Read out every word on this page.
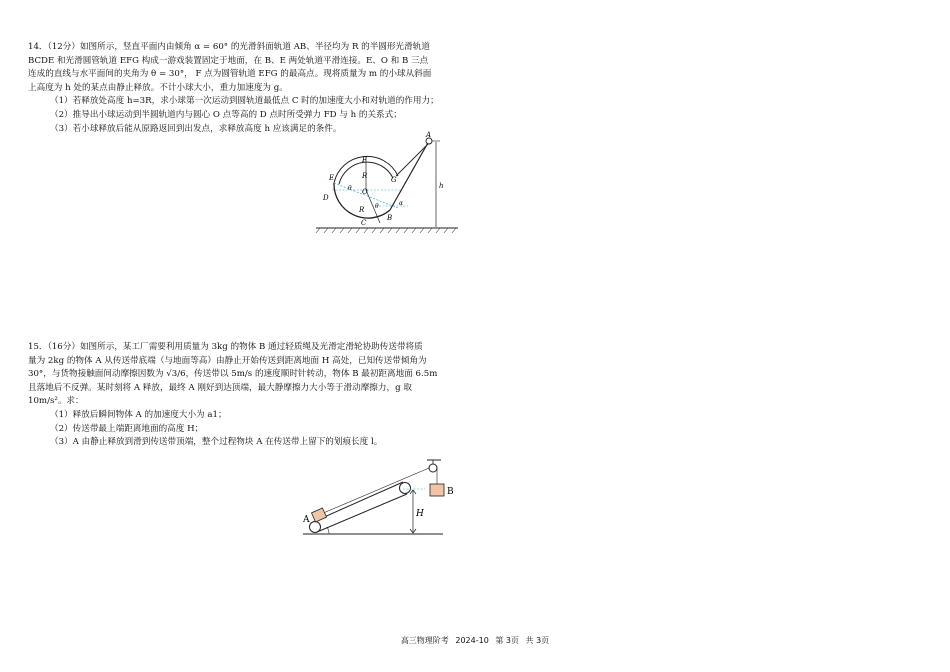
14．（12分）如图所示，竖直平面内由倾角 α = 60° 的光滑斜面轨道 AB、半径均为 R 的半圆形光滑轨道

BCDE 和光滑圆管轨道 EFG 构成一游戏装置固定于地面，在 B、E 两处轨道平滑连接。E、O 和 B 三点

连成的直线与水平面间的夹角为 θ = 30°， F 点为圆管轨道 EFG 的最高点。现将质量为 m 的小球从斜面

上高度为 h 处的某点由静止释放。不计小球大小，重力加速度为 g。

（1）若释放处高度 h=3R，求小球第一次运动到圆轨道最低点 C 时的加速度大小和对轨道的作用力；

（2）推导出小球运动到半圆轨道内与圆心 O 点等高的 D 点时所受弹力 FD 与 h 的关系式；

（3）若小球释放后能从原路返回到出发点，求释放高度 h 应该满足的条件。

A
B
C
D
E
F
G
O
R
R
h
θ
θ	α

15．（16分）如图所示，某工厂需要利用质量为 3kg 的物体 B 通过轻质绳及光滑定滑轮协助传送带将质

量为 2kg 的物体 A 从传送带底端（与地面等高）由静止开始传送到距离地面 H 高处，已知传送带倾角为

30°，与货物接触面间动摩擦因数为 √3/6，传送带以 5m/s 的速度顺时针转动，物体 B 最初距离地面 6.5m

且落地后不反弹。某时刻将 A 释放，最终 A 刚好到达顶端，最大静摩擦力大小等于滑动摩擦力，g 取

10m/s²。求：

（1）释放后瞬间物体 A 的加速度大小为 a1；

（2）传送带最上端距离地面的高度 H；

（3）A 由静止释放到滑到传送带顶端，整个过程物块 A 在传送带上留下的划痕长度 l。

A
B
H
高三物理阶考 2024-10 第 3页 共 3页
